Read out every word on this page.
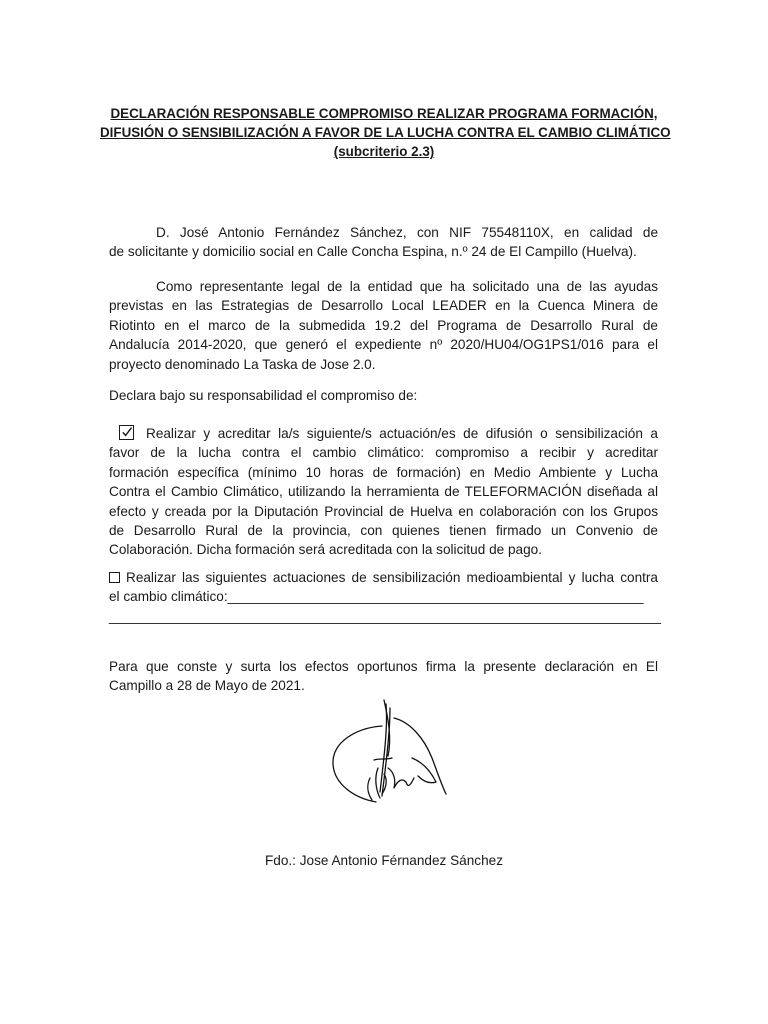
DECLARACIÓN RESPONSABLE COMPROMISO REALIZAR PROGRAMA FORMACIÓN,
DIFUSIÓN O SENSIBILIZACIÓN A FAVOR DE LA LUCHA CONTRA EL CAMBIO CLIMÁTICO
(subcriterio 2.3)
D. José Antonio Fernández Sánchez, con NIF 75548110X, en calidad de
de solicitante y domicilio social en Calle Concha Espina, n.º 24 de El Campillo (Huelva).
Como representante legal de la entidad que ha solicitado una de las ayudas
previstas en las Estrategias de Desarrollo Local LEADER en la Cuenca Minera de
Riotinto en el marco de la submedida 19.2 del Programa de Desarrollo Rural de
Andalucía 2014-2020, que generó el expediente nº 2020/HU04/OG1PS1/016 para el
proyecto denominado La Taska de Jose 2.0.
Declara bajo su responsabilidad el compromiso de:
Realizar y acreditar la/s siguiente/s actuación/es de difusión o sensibilización a
favor de la lucha contra el cambio climático: compromiso a recibir y acreditar
formación específica (mínimo 10 horas de formación) en Medio Ambiente y Lucha
Contra el Cambio Climático, utilizando la herramienta de TELEFORMACIÓN diseñada al
efecto y creada por la Diputación Provincial de Huelva en colaboración con los Grupos
de Desarrollo Rural de la provincia, con quienes tienen firmado un Convenio de
Colaboración. Dicha formación será acreditada con la solicitud de pago.
Realizar las siguientes actuaciones de sensibilización medioambiental y lucha contra
el cambio climático:_______________________________________________________
_________________________________________________________________________
Para que conste y surta los efectos oportunos firma la presente declaración en El
Campillo a 28 de Mayo de 2021.
Fdo.: Jose Antonio Férnandez Sánchez
